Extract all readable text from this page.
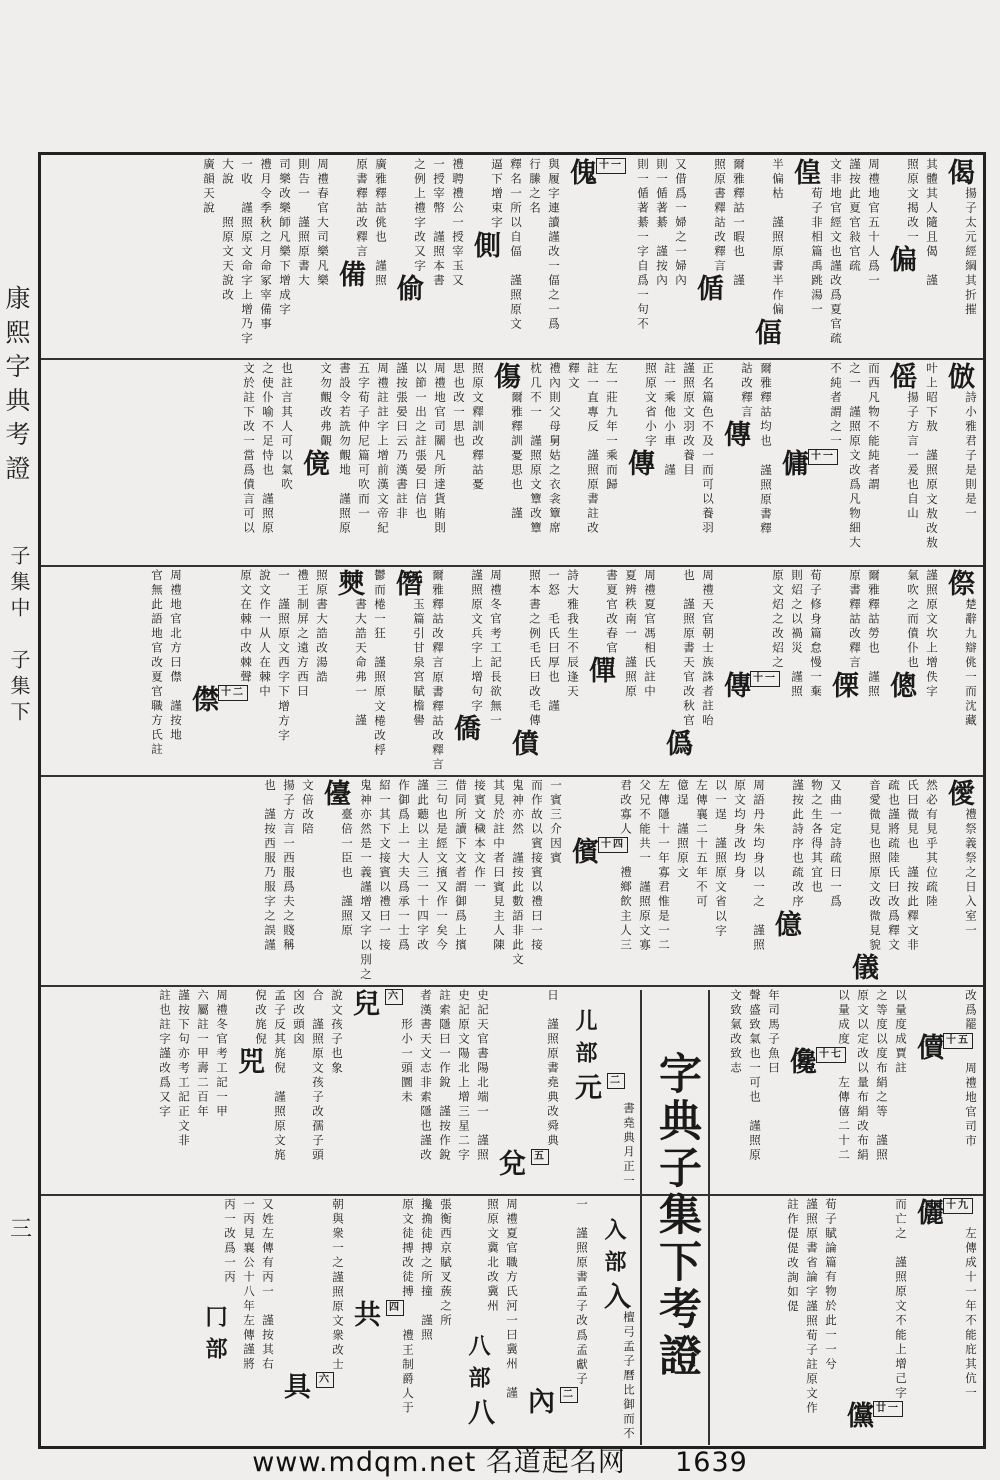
康熙字典考證
子集中　子集下
三
偈揚子太元經綱其折摧其體其人隨且偈　謹照原文揭改一偏周禮地官五十人爲一謹按此夏官敍官疏文非地官經文也謹改爲夏官疏偟荀子非相篇禹跳湯一半偏枯　謹照原書半作偏偪爾雅釋詁一暇也　謹照原書釋詁改釋言偱又借爲一婦之一婦內則一偱著綦　謹按內則一偱著綦一字自爲一句不十一
傀與履字連讀謹改一偪之一爲行縢之名　釋名一所以自偪　謹照原文逼下增束字側禮聘禮公一授宰玉又一授宰幣　謹照本書之例上禮字改又字偷廣雅釋詁佻也　謹照原書釋詁改釋言備周禮春官大司樂凡樂則告一　謹照原書大司樂改樂師凡樂下增成字禮月令季秋之月命冢宰備事一收　謹照原文命字上增乃字大說　　照原文天說改廣韻天說
倣詩小雅君子是則是一叶上昭下敖　謹照原文敖改敖傜揚子方言一爰也自山而西凡物不能純者謂之一　謹照原文改爲凡物細大不純者謂之一十一
傭爾雅釋詁均也　謹照原書釋詁改釋言傳正名篇色不及一而可以養羽謹照原文羽改養目註一乘他小車　謹照原文省小字傳左一莊九年一乘而歸註一直專反　謹照原書註改釋文禮內則父母舅姑之衣衾簟席枕几不一　謹照原文簟改簟傷爾雅釋訓憂思也　謹照原文釋訓改釋詁憂思也改一思也周禮地官司關凡所達貨賄則以節一出之註張晏曰信也謹按張晏曰云乃漢書註非周禮註註字上增前漢文帝紀五字荀子仲尼篇可吹而一書設令若詵勿覿地　謹照原文勿覿改弗覿傹也註言其人可以氣吹之使仆喻不足恃也　謹照原文於註下改一當爲僨言可以
傺楚辭九辯佻一而沈藏謹照原文坎上增佚字氣吹之而僨仆也傯爾雅釋詁勞也　謹照原書釋詁改釋言傈荀子修身篇怠慢一棄則炤之以禍災　謹照原文炤之改炤之十一
傳周禮天官朝士族誅者註咍也　謹照原書天官改秋官僞周禮夏官馮相氏註中夏辨秩南一　謹照原書夏官改春官僤詩大雅我生不辰逢天一怒　毛氏曰厚也　謹照本書之例毛氏曰改毛傳僨周禮冬官考工記長欲無一謹照原文兵字上增句字僑爾雅釋詁改釋言原書釋詁改釋言僭玉篇引甘泉宮賦檐嚳鬱而棬一狂　謹照原文棬改桴僰書大誥天命弗一　謹照原書大誥改湯誥禮王制屏之遠方西曰一　謹照原文西字下增方字說文作一从人在棘中原文在棘中改棘聲十二
僸周禮地官北方曰僸　謹按地官無此語地官改夏官職方氏註
僾禮祭義祭之日入室一然必有見乎其位疏陸氏曰微見也　謹按此釋文非疏也謹將疏陸氏曰改爲釋文音愛微見也照原文改微見貌儀又曲一定詩疏曰一爲物之生各得其宜也謹按此詩序也疏改序億周語丹朱均身以一之　謹照原文均身改均身以一逞　謹照原文省以字左傳襄二十五年不可億逞　謹照原文左傳隱十一年寡君惟是一二父兄不能共一　謹照原文寡君改寡人十四
儐禮鄉飲主人三一賓三介因賓而作故以賓接賓以禮曰一接鬼神亦然　謹按此數語非此文其見於註中者曰賓見主人陳接賓文穢本文作一借同所讀下文者謂御爲上擯三句也是經文擯又作一矣今謹此聽以主人三一十四字改作御爲上一大夫爲承一士爲紹一其下文接賓以禮曰一接鬼神亦然是一義謹增又字以別之儓臺倍一臣也　謹照原文倍改陪揚子方言一西服爲夫之賤稱也　謹按西服乃服字之誤謹
改爲罷十五
儥周禮地官司市以量度成賈註之等度以度布絹之等　謹照原文以定改以量布絹改布絹以量成度十七
儳左傳僖二十二年司馬子魚曰聲盛致氣也一可也　謹照原文致氣改致志
儿部二
元書堯典月正一日　謹照原書堯典改舜典五
兌史記天官書陽北端一　謹照史記原文陽北上增三星二字註索隱曰一作銳　謹按作銳者漢書天文志非索隱也謹改六
兒形小一頭圜未說文孩子也象合　謹照原文孩子改孺子頭囟改頭囟孟子反其旄倪　謹照原文旄倪改旄倪兕周禮冬官考工記一甲六屬註一甲壽二百年謹按下句亦考工記正文非註也註字謹改爲又字
十九
儷左傳成十一年不能庇其伉一而亡之　謹照原文不能上增己字廿一
儻荀子賦論篇有物於此一一兮謹照原書省論字謹照荀子註原文作註作偍偍改詢如偍
入部入檀弓孟子曆比御而不一　謹照原書孟子改爲孟獻子二
內周禮夏官職方氏河一曰冀州　謹照原文冀北改冀州八部八張衡西京賦叉蔟之所攙捔徒搏之所撞　謹照原文徒搏改徒搏四
共禮王制爵人于朝與衆一之謹照原文衆改士六
具又姓左傳有丙一　謹按其右一丙見襄公十八年左傳謹將丙一改爲一丙冂部	字典子集下考證
www.mdqm.net 名道起名网 1639
